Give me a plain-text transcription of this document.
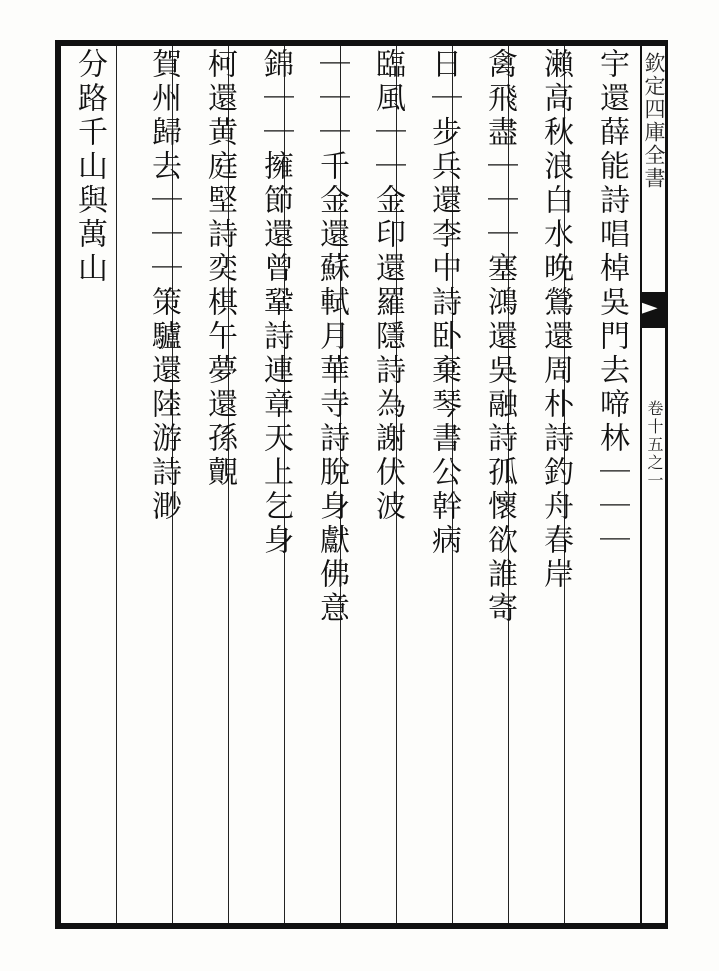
欽定四庫全書
卷十五之一
宇還薛能詩唱棹吳門去啼林｜｜｜
瀨高秋浪白水晚鶯還周朴詩釣舟春岸
禽飛盡｜｜｜塞鴻還吳融詩孤懷欲誰寄
日｜步兵還李中詩卧棄琴書公幹病
臨風｜｜金印還羅隱詩為謝伏波
｜｜｜千金還蘇軾月華寺詩脫身獻佛意
錦｜｜擁節還曾鞏詩連章天上乞身
柯還黄庭堅詩奕棋午夢還孫覿
賀州歸去｜｜｜策驢還陸游詩渺
分路千山與萬山
